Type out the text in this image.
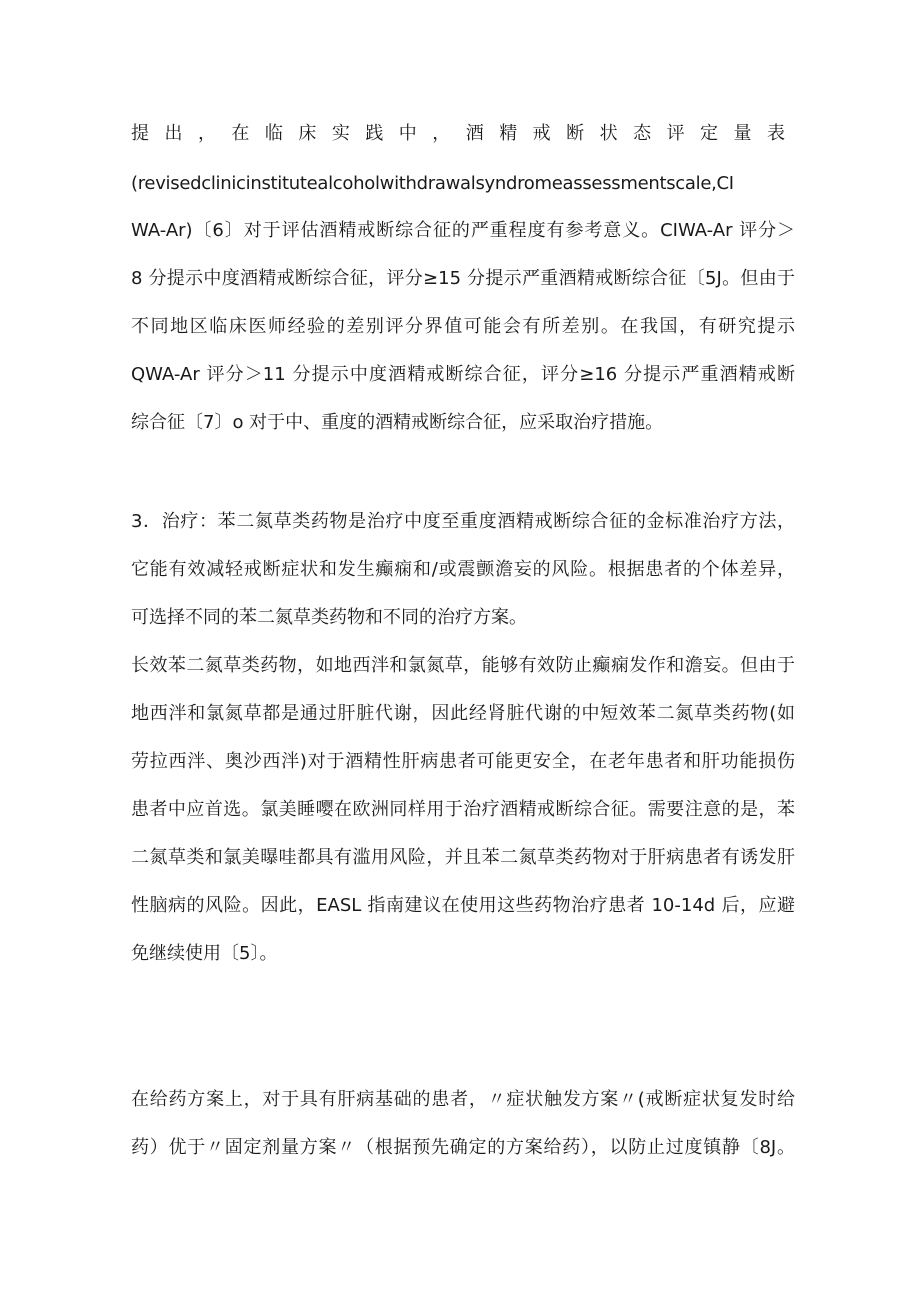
提出，在临床实践中，酒精戒断状态评定量表
(revisedclinicinstitutealcoholwithdrawalsyndromeassessmentscale,CI
WA-Ar)〔6〕对于评估酒精戒断综合征的严重程度有参考意义。CIWA-Ar 评分＞
8 分提示中度酒精戒断综合征，评分≥15 分提示严重酒精戒断综合征〔5J。但由于
不同地区临床医师经验的差别评分界值可能会有所差别。在我国，有研究提示
QWA-Ar 评分＞11 分提示中度酒精戒断综合征，评分≥16 分提示严重酒精戒断
综合征〔7〕o 对于中、重度的酒精戒断综合征，应采取治疗措施。
3．治疗：苯二氮草类药物是治疗中度至重度酒精戒断综合征的金标准治疗方法，
它能有效减轻戒断症状和发生癫痫和/或震颤澹妄的风险。根据患者的个体差异，
可选择不同的苯二氮草类药物和不同的治疗方案。
长效苯二氮草类药物，如地西泮和氯氮草，能够有效防止癫痫发作和澹妄。但由于
地西泮和氯氮草都是通过肝脏代谢，因此经肾脏代谢的中短效苯二氮草类药物(如
劳拉西泮、奥沙西泮)对于酒精性肝病患者可能更安全，在老年患者和肝功能损伤
患者中应首选。氯美睡嘤在欧洲同样用于治疗酒精戒断综合征。需要注意的是，苯
二氮草类和氯美曝哇都具有滥用风险，并且苯二氮草类药物对于肝病患者有诱发肝
性脑病的风险。因此，EASL 指南建议在使用这些药物治疗患者 10-14d 后，应避
免继续使用〔5〕。
在给药方案上，对于具有肝病基础的患者，〃症状触发方案〃(戒断症状复发时给
药）优于〃固定剂量方案〃（根据预先确定的方案给药），以防止过度镇静〔8J。
